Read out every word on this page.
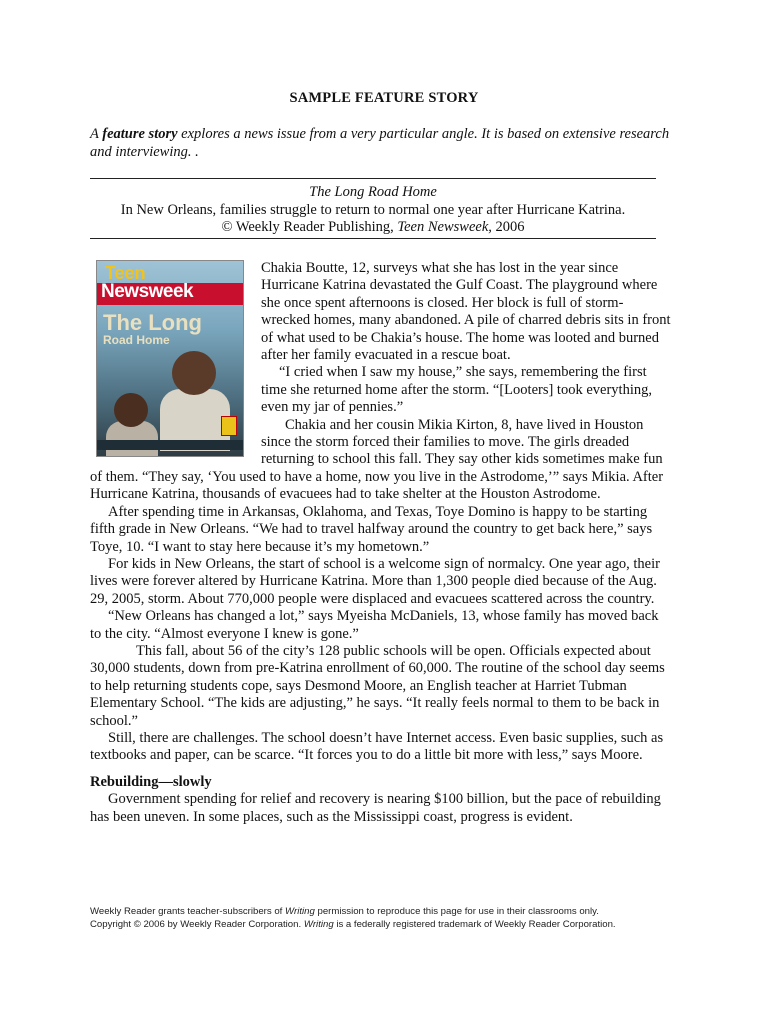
SAMPLE FEATURE STORY
A feature story explores a news issue from a very particular angle. It is based on extensive research and interviewing. .
The Long Road Home
In New Orleans, families struggle to return to normal one year after Hurricane Katrina.
© Weekly Reader Publishing, Teen Newsweek, 2006
Teen
Newsweek
The Long
Road Home

Chakia Boutte, 12, surveys what she has lost in the year since Hurricane Katrina devastated the Gulf Coast. The playground where she once spent afternoons is closed. Her block is full of storm-wrecked homes, many abandoned. A pile of charred debris sits in front of what used to be Chakia’s house. The home was looted and burned after her family evacuated in a rescue boat.

“I cried when I saw my house,” she says, remembering the first time she returned home after the storm. “[Looters] took everything, even my jar of pennies.”

Chakia and her cousin Mikia Kirton, 8, have lived in Houston since the storm forced their families to move. The girls dreaded returning to school this fall. They say other kids sometimes make fun of them. “They say, ‘You used to have a home, now you live in the Astrodome,’” says Mikia. After Hurricane Katrina, thousands of evacuees had to take shelter at the Houston Astrodome.

After spending time in Arkansas, Oklahoma, and Texas, Toye Domino is happy to be starting fifth grade in New Orleans. “We had to travel halfway around the country to get back here,” says Toye, 10. “I want to stay here because it’s my hometown.”

For kids in New Orleans, the start of school is a welcome sign of normalcy. One year ago, their lives were forever altered by Hurricane Katrina. More than 1,300 people died because of the Aug. 29, 2005, storm. About 770,000 people were displaced and evacuees scattered across the country.

“New Orleans has changed a lot,” says Myeisha McDaniels, 13, whose family has moved back to the city. “Almost everyone I knew is gone.”

This fall, about 56 of the city’s 128 public schools will be open. Officials expected about 30,000 students, down from pre-Katrina enrollment of 60,000. The routine of the school day seems to help returning students cope, says Desmond Moore, an English teacher at Harriet Tubman Elementary School. “The kids are adjusting,” he says. “It really feels normal to them to be back in school.”

Still, there are challenges. The school doesn’t have Internet access. Even basic supplies, such as textbooks and paper, can be scarce. “It forces you to do a little bit more with less,” says Moore.

Rebuilding—slowly

Government spending for relief and recovery is nearing $100 billion, but the pace of rebuilding has been uneven. In some places, such as the Mississippi coast, progress is evident.

Weekly Reader grants teacher-subscribers of Writing permission to reproduce this page for use in their classrooms only.
Copyright © 2006 by Weekly Reader Corporation. Writing is a federally registered trademark of Weekly Reader Corporation.
